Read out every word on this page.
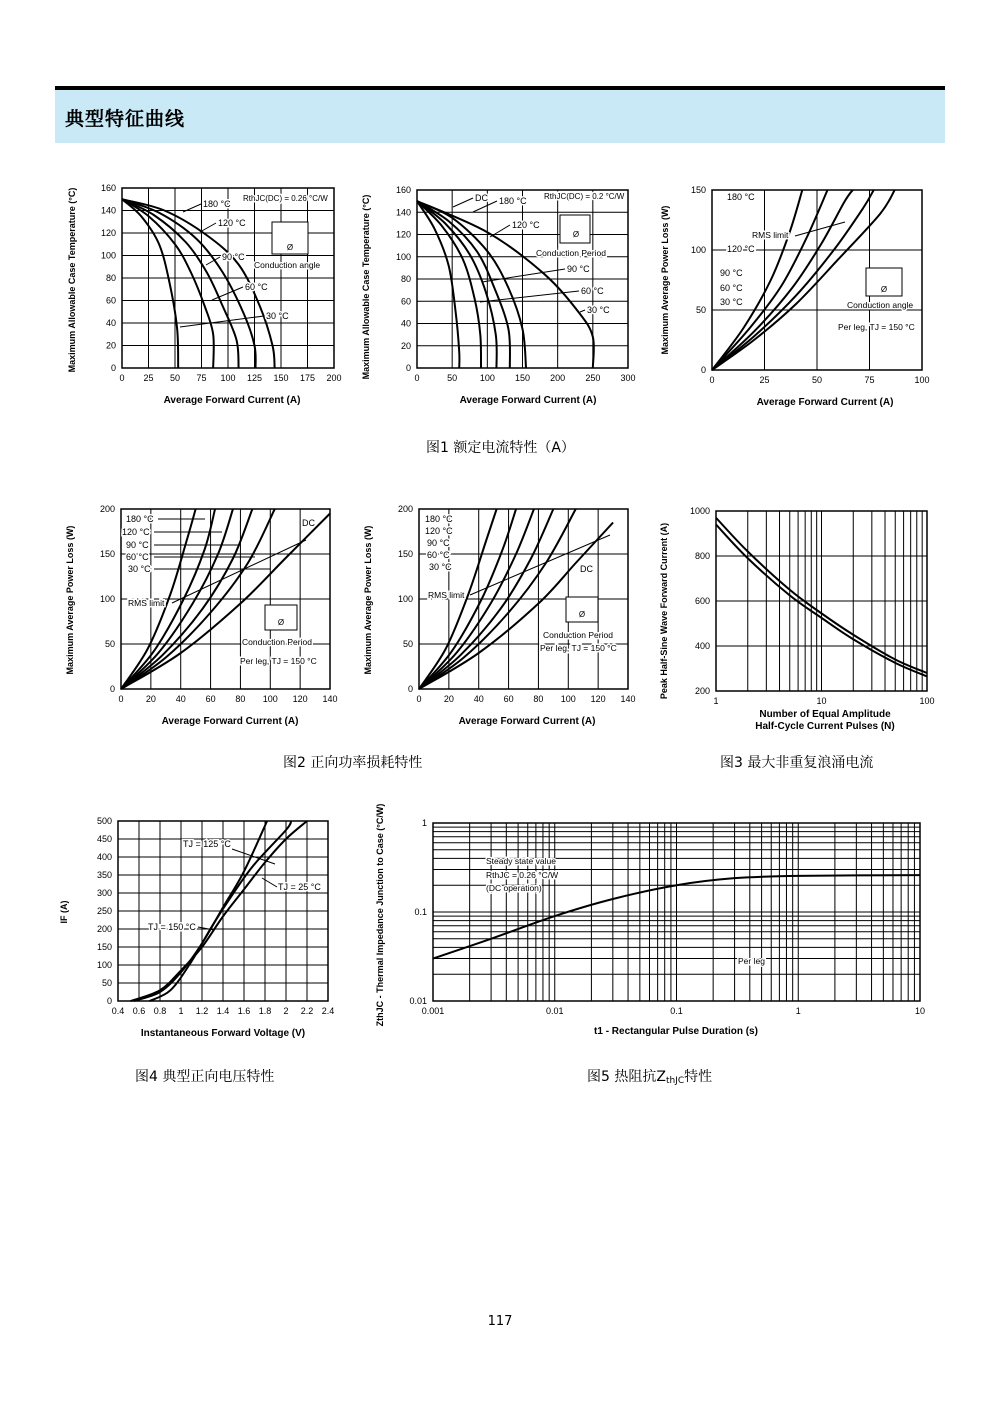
典型特征曲线
0 25 50 75 100 125 150 175 200
0
20
40
60
80
100
120
140
160
Average Forward Current (A)
Maximum Allowable Case Temperature (°C)
0	50	100 150 200 250 300
0
20
40
60
80
100
120
140
160
Average Forward Current (A)
Maximum Allowable Case Temperature (°C)
0	25	50	75	100
0
50
100
150
Average Forward Current (A)
Maximum Average Power Loss (W)
0 20 40 60 80 100 120 140
0
50
100
150
200
Average Forward Current (A)
Maximum Average Power Loss (W)
0 20 40 60 80 100 120 140
0
50
100
150
200
Average Forward Current (A)
Maximum Average Power Loss (W)
1	10	100
200
400
600
800
1000
Number of Equal Amplitude
Half-Cycle Current Pulses (N)
Peak Half-Sine Wave Forward Current (A)
0.4 0.6 0.8 1 1.2 1.4 1.6 1.8 2 2.2 2.4
0
50
100
150
200
250
300
350
400
450
500
Instantaneous Forward Voltage (V)
IF (A)
0.001	0.01	0.1	1	10
0.01
0.1
1
t1 - Rectangular Pulse Duration (s)
ZthJC - Thermal Impedance Junction to Case (°C/W)
180 °C
120 °C
90 °C
60 °C
30 °C
RthJC(DC) = 0.26 °C/W
Ø
Conduction angle
DC 180 °C
120 °C
90 °C
60 °C
30 °C
RthJC(DC) = 0.2 °C/W
Ø
Conduction Period
180 °C
120 °C
90 °C
60 °C
30 °C
RMS limit
Ø
Conduction angle
Per leg, TJ = 150 °C
180 °C
120 °C
90 °C
60 °C
30 °C
DC
RMS limit
Ø
Conduction Period
Per leg, TJ = 150 °C
180 °C
120 °C
90 °C
60 °C
30 °C	DC
RMS limit
Ø
Conduction Period
Per leg, TJ = 150 °C
TJ = 125 °C
TJ = 25 °C
TJ = 150 °C
Steady state value
RthJC = 0.26 °C/W
(DC operation)
Per leg
图1 额定电流特性（A）
图2 正向功率损耗特性	图3 最大非重复浪涌电流
图4 典型正向电压特性	图5 热阻抗ZthJC特性
117
